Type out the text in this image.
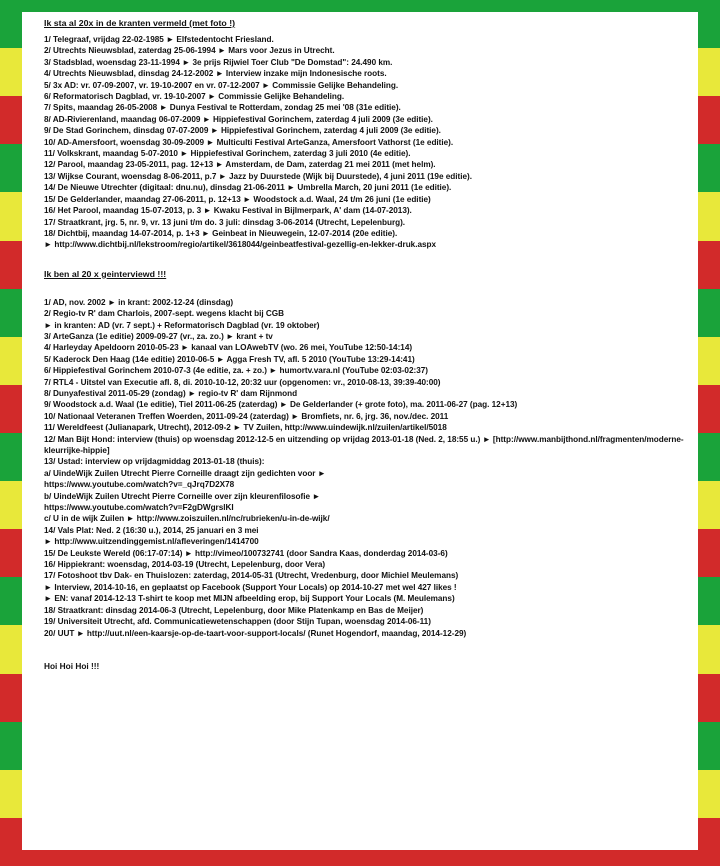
Ik sta al 20x in de kranten vermeld (met foto !)
1/ Telegraaf, vrijdag 22-02-1985 ► Elfstedentocht Friesland.
2/ Utrechts Nieuwsblad, zaterdag 25-06-1994 ► Mars voor Jezus in Utrecht.
3/ Stadsblad, woensdag 23-11-1994 ► 3e prijs Rijwiel Toer Club "De Domstad": 24.490 km.
4/ Utrechts Nieuwsblad, dinsdag 24-12-2002 ► Interview inzake mijn Indonesische roots.
5/ 3x AD: vr. 07-09-2007, vr. 19-10-2007 en vr. 07-12-2007 ► Commissie Gelijke Behandeling.
6/ Reformatorisch Dagblad, vr. 19-10-2007 ► Commissie Gelijke Behandeling.
7/ Spits, maandag 26-05-2008 ► Dunya Festival te Rotterdam, zondag 25 mei '08 (31e editie).
8/ AD-Rivierenland, maandag 06-07-2009 ► Hippiefestival Gorinchem, zaterdag 4 juli 2009 (3e editie).
9/ De Stad Gorinchem, dinsdag 07-07-2009 ► Hippiefestival Gorinchem, zaterdag 4 juli 2009 (3e editie).
10/ AD-Amersfoort, woensdag 30-09-2009 ► Multiculti Festival ArteGanza, Amersfoort Vathorst (1e editie).
11/ Volkskrant, maandag 5-07-2010 ► Hippiefestival Gorinchem, zaterdag 3 juli 2010 (4e editie).
12/ Parool, maandag 23-05-2011, pag. 12+13 ► Amsterdam, de Dam, zaterdag 21 mei 2011 (met helm).
13/ Wijkse Courant, woensdag 8-06-2011, p.7 ► Jazz by Duurstede (Wijk bij Duurstede), 4 juni 2011 (19e editie).
14/ De Nieuwe Utrechter (digitaal: dnu.nu), dinsdag 21-06-2011 ► Umbrella March, 20 juni 2011 (1e editie).
15/ De Gelderlander, maandag 27-06-2011, p. 12+13 ► Woodstock a.d. Waal, 24 t/m 26 juni (1e editie)
16/ Het Parool, maandag 15-07-2013, p. 3 ► Kwaku Festival in Bijlmerpark, A' dam (14-07-2013).
17/ Straatkrant, jrg. 5, nr. 9, vr. 13 juni t/m do. 3 juli: dinsdag 3-06-2014 (Utrecht, Lepelenburg).
18/ Dichtbij, maandag 14-07-2014, p. 1+3 ► Geinbeat in Nieuwegein, 12-07-2014 (20e editie).
► http://www.dichtbij.nl/lekstroom/regio/artikel/3618044/geinbeatfestival-gezellig-en-lekker-druk.aspx
Ik ben al 20 x geinterviewd !!!
1/ AD, nov. 2002 ► in krant: 2002-12-24 (dinsdag)
2/ Regio-tv R' dam Charlois, 2007-sept. wegens klacht bij CGB
► in kranten: AD (vr. 7 sept.) + Reformatorisch Dagblad (vr. 19 oktober)
3/ ArteGanza (1e editie) 2009-09-27 (vr., za. zo.) ► krant + tv
4/ Harleyday Apeldoorn 2010-05-23 ► kanaal van LOAwebTV (wo. 26 mei, YouTube 12:50-14:14)
5/ Kaderock Den Haag (14e editie) 2010-06-5 ► Agga Fresh TV, afl. 5 2010 (YouTube 13:29-14:41)
6/ Hippiefestival Gorinchem 2010-07-3 (4e editie, za. + zo.) ► humortv.vara.nl (YouTube 02:03-02:37)
7/ RTL4 - Uitstel van Executie afl. 8, di. 2010-10-12, 20:32 uur (opgenomen: vr., 2010-08-13, 39:39-40:00)
8/ Dunyafestival 2011-05-29 (zondag) ► regio-tv R' dam Rijnmond
9/ Woodstock a.d. Waal (1e editie), Tiel 2011-06-25 (zaterdag) ► De Gelderlander (+ grote foto), ma. 2011-06-27 (pag. 12+13)
10/ Nationaal Veteranen Treffen Woerden, 2011-09-24 (zaterdag) ► Bromfiets, nr. 6, jrg. 36, nov./dec. 2011
11/ Wereldfeest (Julianapark, Utrecht), 2012-09-2 ► TV Zuilen, http://www.uindewijk.nl/zuilen/artikel/5018
12/ Man Bijt Hond: interview (thuis) op woensdag 2012-12-5 en uitzending op vrijdag 2013-01-18 (Ned. 2, 18:55 u.) ► [http://www.manbijthond.nl/fragmenten/moderne-kleurrijke-hippie]
13/ Ustad: interview op vrijdagmiddag 2013-01-18 (thuis):
a/ UindeWijk Zuilen Utrecht Pierre Corneille draagt zijn gedichten voor ►
https://www.youtube.com/watch?v=_qJrq7D2X78
b/ UindeWijk Zuilen Utrecht Pierre Corneille over zijn kleurenfilosofie ►
https://www.youtube.com/watch?v=F2gDWgrslKI
c/ U in de wijk Zuilen ► http://www.zoiszuilen.nl/nc/rubrieken/u-in-de-wijk/
14/ Vals Plat: Ned. 2 (16:30 u.), 2014, 25 januari en 3 mei
► http://www.uitzendinggemist.nl/afleveringen/1414700
15/ De Leukste Wereld (06:17-07:14) ► http://vimeo/100732741 (door Sandra Kaas, donderdag 2014-03-6)
16/ Hippiekrant: woensdag, 2014-03-19 (Utrecht, Lepelenburg, door Vera)
17/ Fotoshoot tbv Dak- en Thuislozen: zaterdag, 2014-05-31 (Utrecht, Vredenburg, door Michiel Meulemans)
► Interview, 2014-10-16, en geplaatst op Facebook (Support Your Locals) op 2014-10-27 met wel 427 likes !
► EN: vanaf 2014-12-13 T-shirt te koop met MIJN afbeelding erop, bij Support Your Locals (M. Meulemans)
18/ Straatkrant: dinsdag 2014-06-3 (Utrecht, Lepelenburg, door Mike Platenkamp en Bas de Meijer)
19/ Universiteit Utrecht, afd. Communicatiewetenschappen (door Stijn Tupan, woensdag 2014-06-11)
20/ UUT ► http://uut.nl/een-kaarsje-op-de-taart-voor-support-locals/ (Runet Hogendorf, maandag, 2014-12-29)
Hoi Hoi Hoi !!!
